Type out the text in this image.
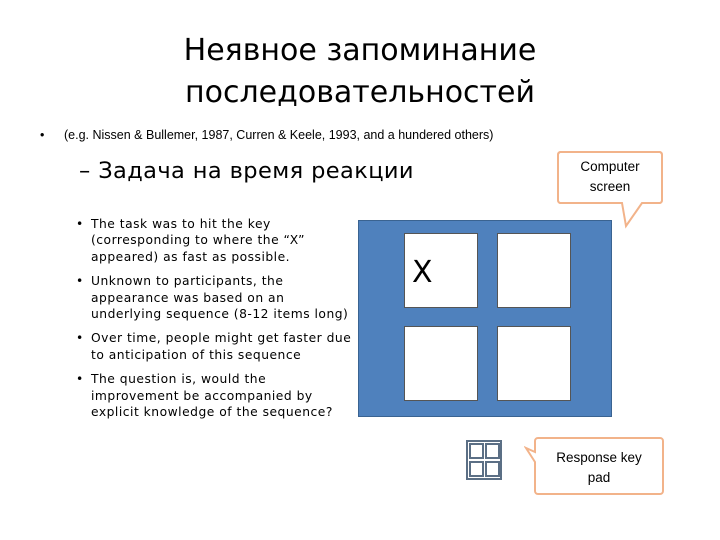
Неявное запоминание
последовательностей
• (e.g. Nissen & Bullemer, 1987, Curren & Keele, 1993, and a hundered others)
– Задача на время реакции
• The task was to hit the key (corresponding to where the “X” appeared) as fast as possible.
• Unknown to participants, the appearance was based on an underlying sequence (8-12 items long)
• Over time, people might get faster due to anticipation of this sequence
• The question is, would the improvement be accompanied by explicit knowledge of the sequence?
X
Computer
screen
Response key
pad
